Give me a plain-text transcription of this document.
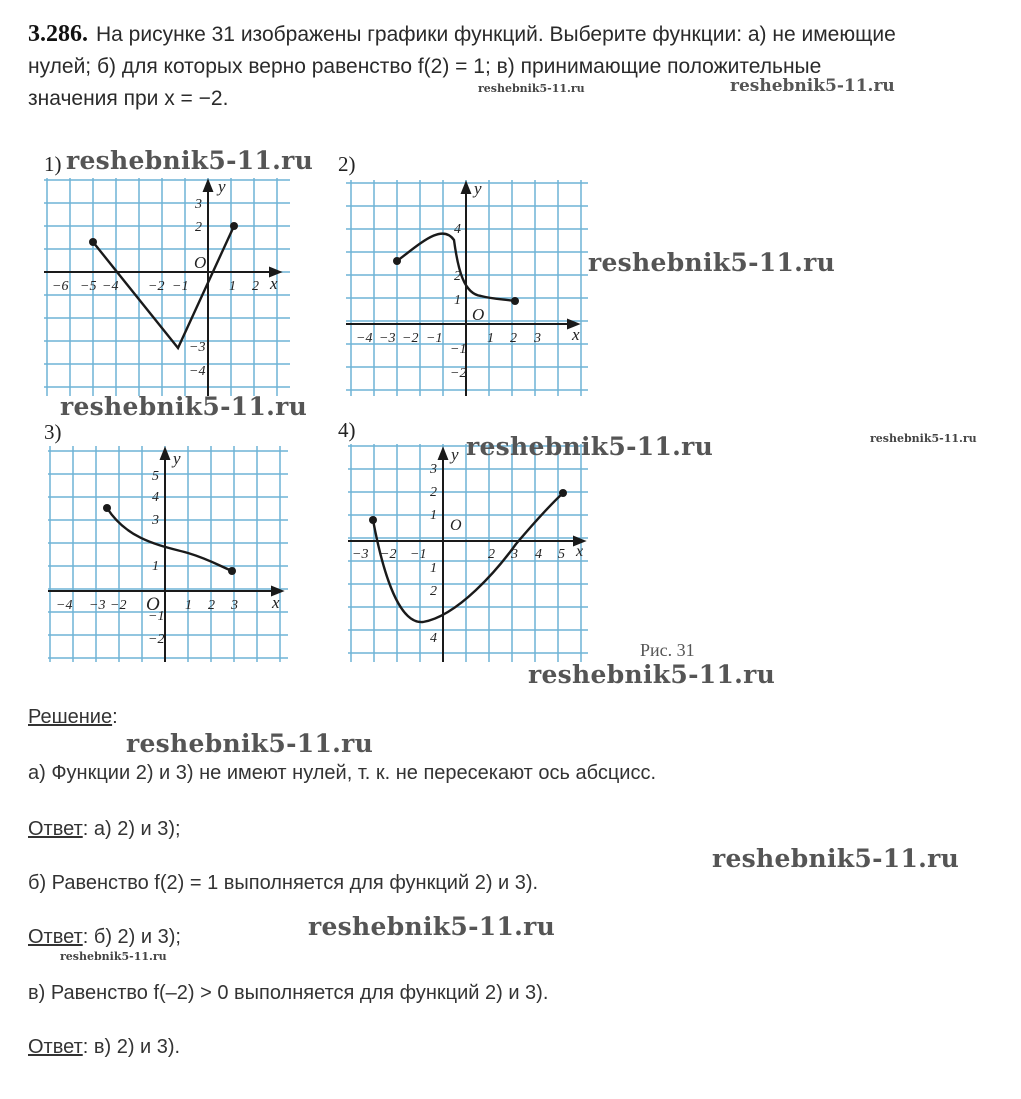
3.286. На рисунке 31 изображены графики функций. Выберите функции: а) не имеющие
нулей; б) для которых верно равенство f(2) = 1; в) принимающие положительные
значения при x = −2.	reshebnik5-11.ru	reshebnik5-11.ru
1)	2)
3)	4)
−6 −5 −4 −2 −1	1 2
3
2
−3
−4
O
x
y
−4 −3 −2 −1	1 2 3
4
2
1
−1
−2
O
x
y
−4 −3 −2	1 2 3
5
4
3
1
−1
−2
O	x
y
−3 −2 −1	2 3 4 5
3
2
1
1
2
4
O
x
y
Рис. 31
reshebnik5-11.ru
reshebnik5-11.ru
reshebnik5-11.ru
reshebnik5-11.ru	reshebnik5-11.ru
reshebnik5-11.ru
Решение:
reshebnik5-11.ru
а) Функции 2) и 3) не имеют нулей, т. к. не пересекают ось абсцисс.
Ответ: а) 2) и 3);
reshebnik5-11.ru
б) Равенство f(2) = 1 выполняется для функций 2) и 3).
reshebnik5-11.ru
Ответ: б) 2) и 3);
reshebnik5-11.ru
в) Равенство f(–2) > 0 выполняется для функций 2) и 3).
Ответ: в) 2) и 3).
